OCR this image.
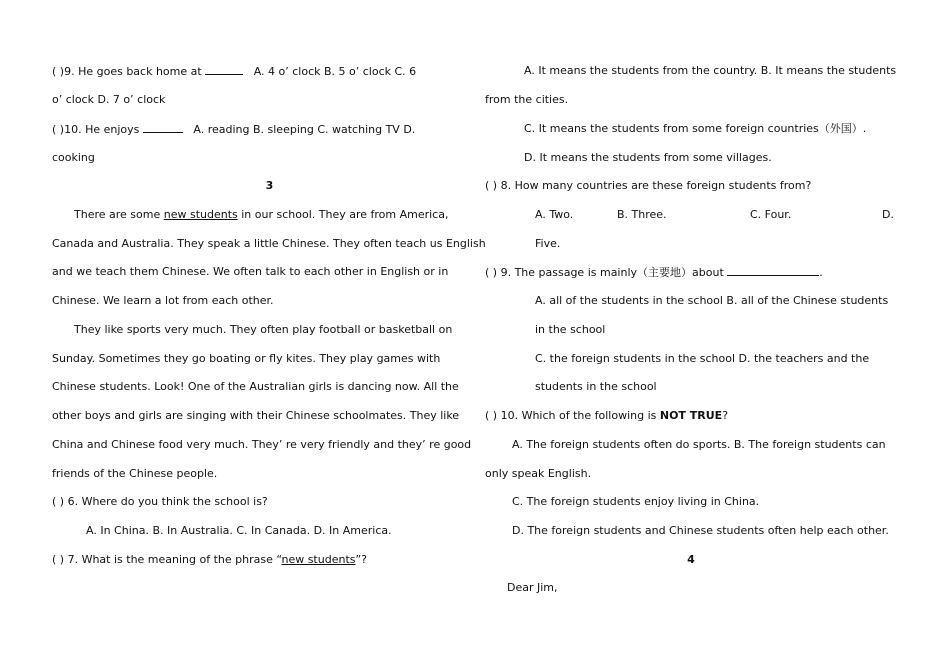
( )9. He goes back home at	A. 4 o’ clock B. 5 o’ clock C. 6
o’ clock D. 7 o’ clock
( )10. He enjoys	A. reading B. sleeping C. watching TV D.
cooking
3
There are some new students in our school. They are from America,
Canada and Australia. They speak a little Chinese. They often teach us English
and we teach them Chinese. We often talk to each other in English or in
Chinese. We learn a lot from each other.
They like sports very much. They often play football or basketball on
Sunday. Sometimes they go boating or fly kites. They play games with
Chinese students. Look! One of the Australian girls is dancing now. All the
other boys and girls are singing with their Chinese schoolmates. They like
China and Chinese food very much. They’ re very friendly and they’ re good
friends of the Chinese people.
( ) 6. Where do you think the school is?
A. In China. B. In Australia. C. In Canada. D. In America.
( ) 7. What is the meaning of the phrase “new students”?
A. It means the students from the country. B. It means the students
from the cities.
C. It means the students from some foreign countries（外国）.
D. It means the students from some villages.
( ) 8. How many countries are these foreign students from?
A. Two.	B. Three.	C. Four.	D.
Five.
( ) 9. The passage is mainly（主要地）about	.
A. all of the students in the school B. all of the Chinese students
in the school
C. the foreign students in the school D. the teachers and the
students in the school
( ) 10. Which of the following is NOT TRUE?
A. The foreign students often do sports. B. The foreign students can
only speak English.
C. The foreign students enjoy living in China.
D. The foreign students and Chinese students often help each other.
4
Dear Jim,
